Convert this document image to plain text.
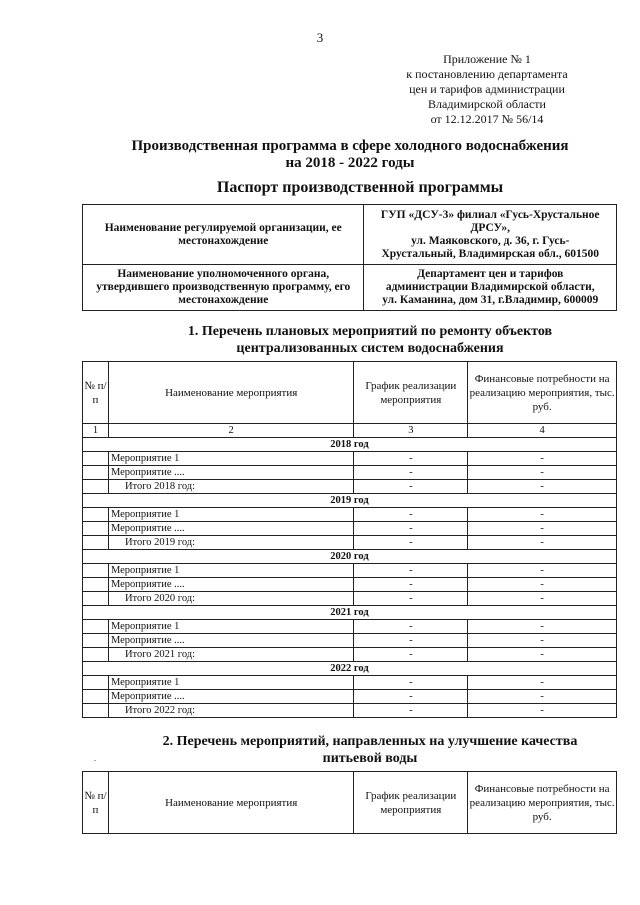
3
Приложение № 1
к постановлению департамента
цен и тарифов администрации
Владимирской области
от 12.12.2017 № 56/14
Производственная программа в сфере холодного водоснабжения
на 2018 - 2022 годы
Паспорт производственной программы
Наименование регулируемой организации, ее местонахождение	ГУП «ДСУ-3» филиал «Гусь-Хрустальное ДРСУ»,
ул. Маяковского, д. 36, г. Гусь-
Хрустальный, Владимирская обл., 601500

Наименование уполномоченного органа, утвердившего производственную программу, его местонахождение	Департамент цен и тарифов
администрации Владимирской области,
ул. Каманина, дом 31, г.Владимир, 600009
1. Перечень плановых мероприятий по ремонту объектов
централизованных систем водоснабжения
№ п/п	Наименование мероприятия	График реализации мероприятия	Финансовые потребности на реализацию мероприятия, тыс. руб.
1	2	3	4
2018 год			
	Мероприятие 1	-	-
	Мероприятие ....	-	-
	Итого 2018 год:	-	-
2019 год			
	Мероприятие 1	-	-
	Мероприятие ....	-	-
	Итого 2019 год:	-	-
2020 год			
	Мероприятие 1	-	-
	Мероприятие ....	-	-
	Итого 2020 год:	-	-
2021 год			
	Мероприятие 1	-	-
	Мероприятие ....	-	-
	Итого 2021 год:	-	-
2022 год			
	Мероприятие 1	-	-
	Мероприятие ....	-	-
	Итого 2022 год:	-	-
.
2. Перечень мероприятий, направленных на улучшение качества
питьевой воды
№ п/п	Наименование мероприятия	График реализации мероприятия	Финансовые потребности на реализацию мероприятия, тыс. руб.
